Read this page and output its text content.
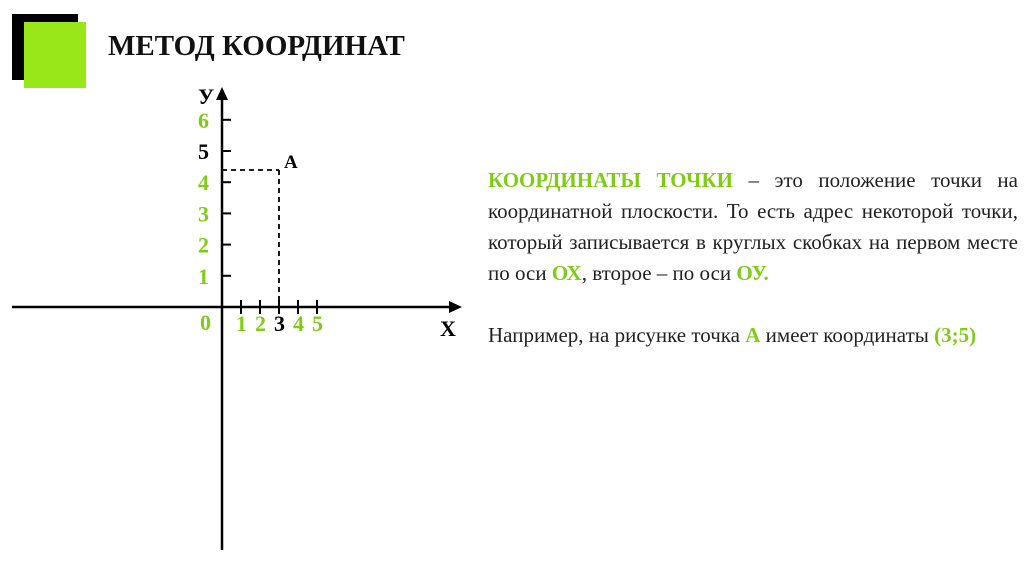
МЕТОД КООРДИНАТ
У
X
0
1
2
3
4
5
6
1 2 3 4 5
А

КООРДИНАТЫ ТОЧКИ – это положение точки на координатной плоскости. То есть адрес некоторой точки, который записывается в круглых скобках на первом месте по оси ОХ, второе – по оси ОУ.

Например, на рисунке точка А имеет координаты (3;5)
